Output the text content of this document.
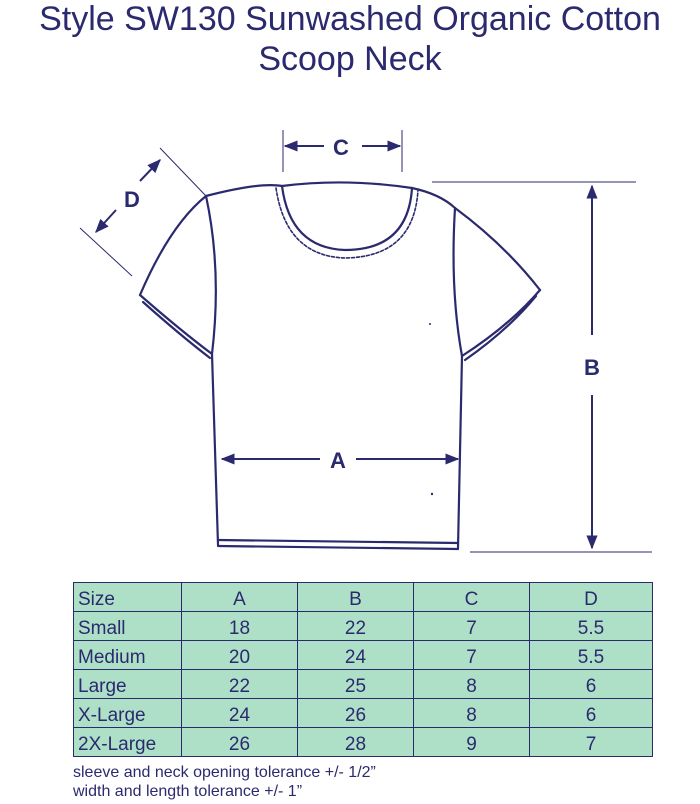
Style SW130 Sunwashed Organic Cotton
Scoop Neck
C
D
A
B
Size	A	B	C	D
Small	18	22	7	5.5
Medium	20	24	7	5.5
Large	22	25	8	6
X-Large	24	26	8	6
2X-Large	26	28	9	7
sleeve and neck opening tolerance +/- 1/2”
width and length tolerance +/- 1”
